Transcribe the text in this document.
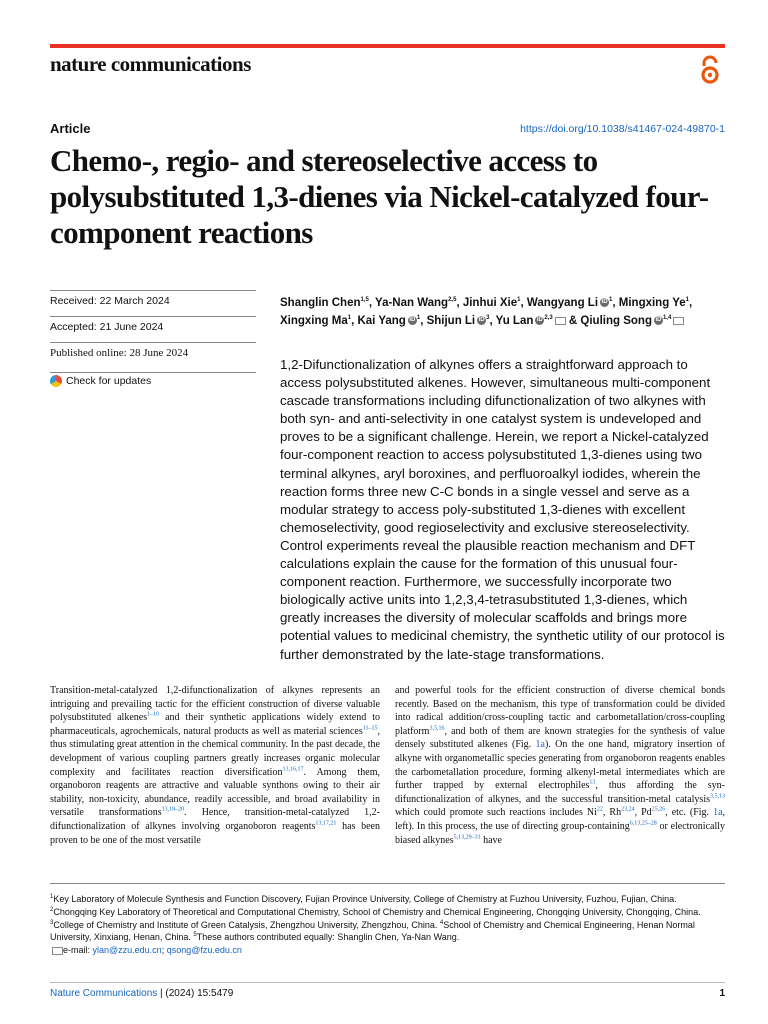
nature communications
Article	https://doi.org/10.1038/s41467-024-49870-1
Chemo-, regio- and stereoselective access to polysubstituted 1,3-dienes via Nickel-catalyzed four-component reactions
Received: 22 March 2024
Accepted: 21 June 2024
Published online: 28 June 2024
Check for updates
Shanglin Chen$^{1,5}$, Ya-Nan Wang$^{2,5}$, Jinhui Xie$^1$, Wangyang Li iD $^1$, Mingxing Ye$^1$, Xingxing Ma$^1$, Kai Yang iD $^1$, Shijun Li iD $^3$, Yu Lan iD $^{2,3}$ & Qiuling Song iD $^{1,4}$
1,2-Difunctionalization of alkynes offers a straightforward approach to access polysubstituted alkenes. However, simultaneous multi-component cascade transformations including difunctionalization of two alkynes with both syn- and anti-selectivity in one catalyst system is undeveloped and proves to be a significant challenge. Herein, we report a Nickel-catalyzed four-component reaction to access polysubstituted 1,3-dienes using two terminal alkynes, aryl boroxines, and perfluoroalkyl iodides, wherein the reaction forms three new C-C bonds in a single vessel and serve as a modular strategy to access poly-substituted 1,3-dienes with excellent chemoselectivity, good regioselectivity and exclusive stereoselectivity. Control experiments reveal the plausible reaction mechanism and DFT calculations explain the cause for the formation of this unusual four-component reaction. Furthermore, we successfully incorporate two biologically active units into 1,2,3,4-tetrasubstituted 1,3-dienes, which greatly increases the diversity of molecular scaffolds and brings more potential values to medicinal chemistry, the synthetic utility of our protocol is further demonstrated by the late-stage transformations.
Transition-metal-catalyzed 1,2-difunctionalization of alkynes represents an intriguing and prevailing tactic for the efficient construction of diverse valuable polysubstituted alkenes$^{1-10}$ and their synthetic applications widely extend to pharmaceuticals, agrochemicals, natural products as well as material sciences$^{11-15}$, thus stimulating great attention in the chemical community. In the past decade, the development of various coupling partners greatly increases organic molecular complexity and facilitates reaction diversification$^{13,16,17}$. Among them, organoboron reagents are attractive and valuable synthons owing to their air stability, non-toxicity, abundance, readily accessible, and broad availability in versatile transformations$^{13,18-20}$. Hence, transition-metal-catalyzed 1,2-difunctionalization of alkynes involving organoboron reagents$^{13,17,21}$ has been proven to be one of the most versatile
and powerful tools for the efficient construction of diverse chemical bonds recently. Based on the mechanism, this type of transformation could be divided into radical addition/cross-coupling tactic and carbometallation/cross-coupling platform$^{3,5,16}$, and both of them are known strategies for the synthesis of value densely substituted alkenes (Fig. 1a). On the one hand, migratory insertion of alkyne with organometallic species generating from organoboron reagents enables the carbometallation procedure, forming alkenyl-metal intermediates which are further trapped by external electrophiles$^{13}$, thus affording the syn-difunctionalization of alkynes, and the successful transition-metal catalysis$^{3,5,13}$ which could promote such reactions includes Ni$^{22}$, Rh$^{23,24}$, Pd$^{25,26}$, etc. (Fig. 1a, left). In this process, the use of directing group-containing$^{6,13,25-28}$ or electronically biased alkynes$^{5,13,29-31}$ have
$^1$Key Laboratory of Molecule Synthesis and Function Discovery, Fujian Province University, College of Chemistry at Fuzhou University, Fuzhou, Fujian, China. $^2$Chongqing Key Laboratory of Theoretical and Computational Chemistry, School of Chemistry and Chemical Engineering, Chongqing University, Chongqing, China. $^3$College of Chemistry and Institute of Green Catalysis, Zhengzhou University, Zhengzhou, China. $^4$School of Chemistry and Chemical Engineering, Henan Normal University, Xinxiang, Henan, China. $^5$These authors contributed equally: Shanglin Chen, Ya-Nan Wang.
e-mail: ylan@zzu.edu.cn; qsong@fzu.edu.cn
Nature Communications | (2024) 15:5479	1
